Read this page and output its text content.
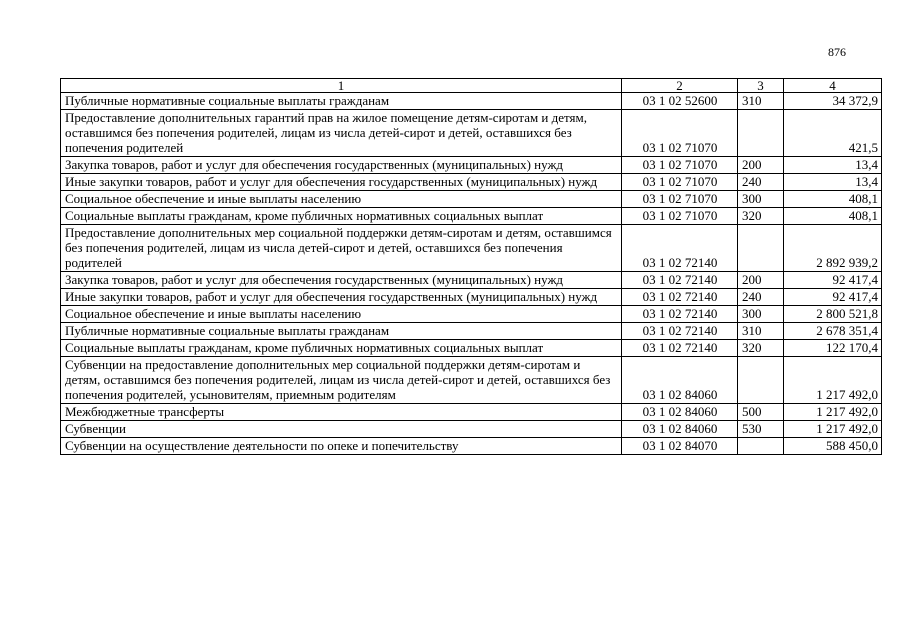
876
1	2	3	4
Публичные нормативные социальные выплаты гражданам	03 1 02 52600	310	34 372,9
Предоставление дополнительных гарантий прав на жилое помещение детям-сиротам и детям, оставшимся без попечения родителей, лицам из числа детей-сирот и детей, оставшихся без попечения родителей	03 1 02 71070		421,5
Закупка товаров, работ и услуг для обеспечения государственных (муниципальных) нужд	03 1 02 71070	200	13,4
Иные закупки товаров, работ и услуг для обеспечения государственных (муниципальных) нужд	03 1 02 71070	240	13,4
Социальное обеспечение и иные выплаты населению	03 1 02 71070	300	408,1
Социальные выплаты гражданам, кроме публичных нормативных социальных выплат	03 1 02 71070	320	408,1
Предоставление дополнительных мер социальной поддержки детям-сиротам и детям, оставшимся без попечения родителей, лицам из числа детей-сирот и детей, оставшихся без попечения родителей	03 1 02 72140		2 892 939,2
Закупка товаров, работ и услуг для обеспечения государственных (муниципальных) нужд	03 1 02 72140	200	92 417,4
Иные закупки товаров, работ и услуг для обеспечения государственных (муниципальных) нужд	03 1 02 72140	240	92 417,4
Социальное обеспечение и иные выплаты населению	03 1 02 72140	300	2 800 521,8
Публичные нормативные социальные выплаты гражданам	03 1 02 72140	310	2 678 351,4
Социальные выплаты гражданам, кроме публичных нормативных социальных выплат	03 1 02 72140	320	122 170,4
Субвенции на предоставление дополнительных мер социальной поддержки детям-сиротам и детям, оставшимся без попечения родителей, лицам из числа детей-сирот и детей, оставшихся без попечения родителей, усыновителям, приемным родителям	03 1 02 84060		1 217 492,0
Межбюджетные трансферты	03 1 02 84060	500	1 217 492,0
Субвенции	03 1 02 84060	530	1 217 492,0
Субвенции на осуществление деятельности по опеке и попечительству	03 1 02 84070		588 450,0
